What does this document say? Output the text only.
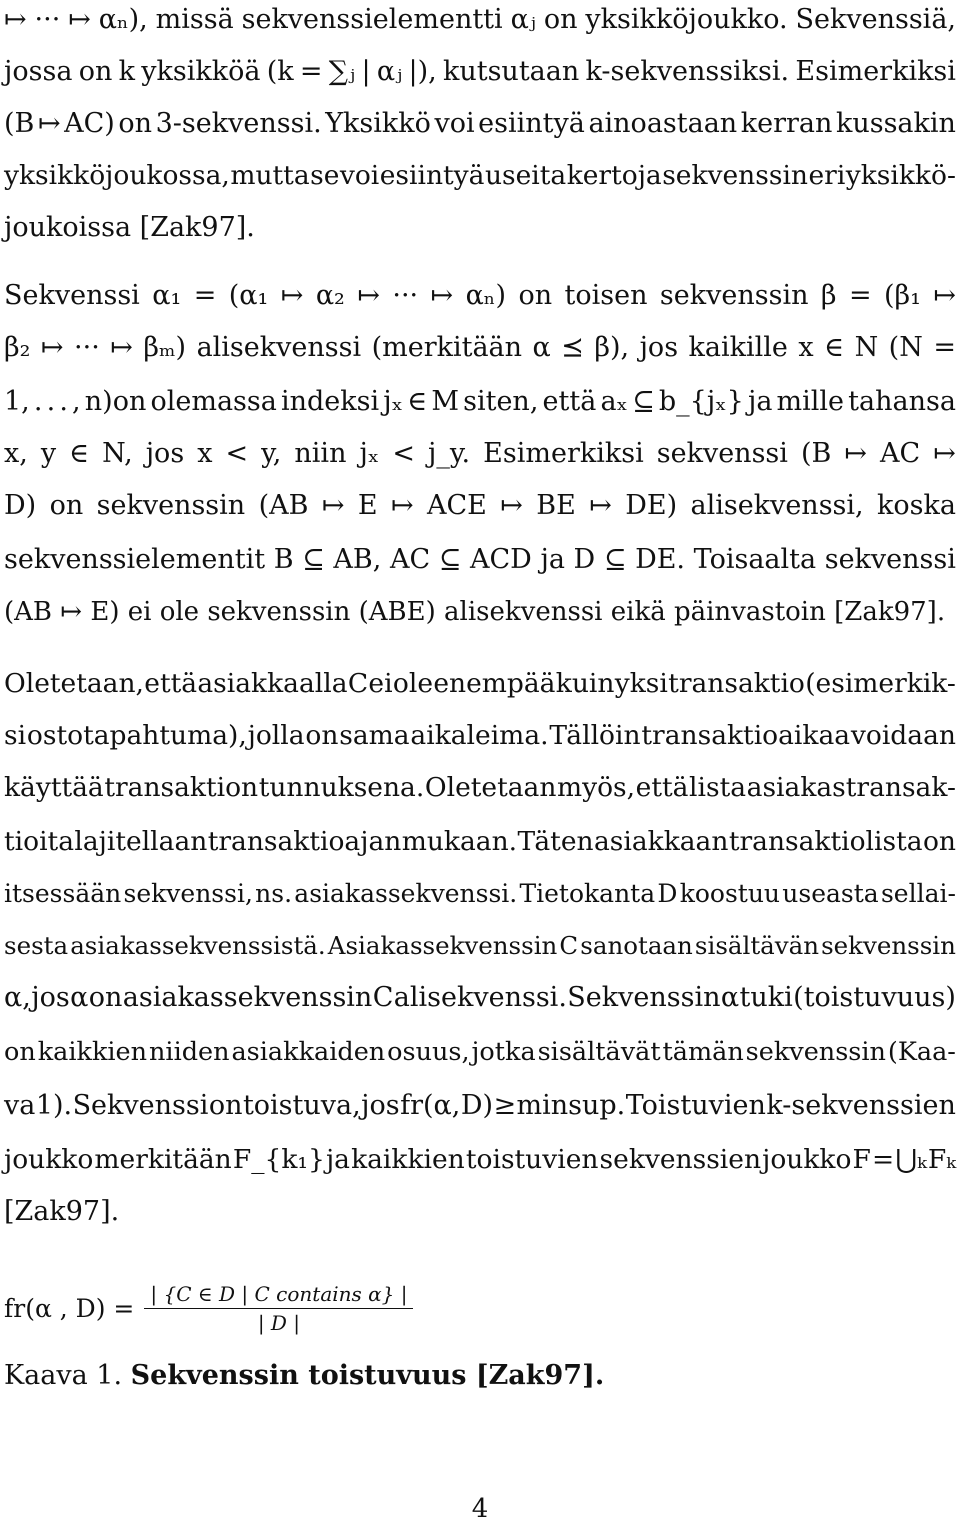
↦ ··· ↦ αₙ), missä sekvenssielementti αⱼ on yksikköjoukko. Sekvenssiä,
jossa on k yksikköä (k = ∑ⱼ | αⱼ |), kutsutaan k-sekvenssiksi. Esimerkiksi
(B ↦ AC) on 3-sekvenssi. Yksikkö voi esiintyä ainoastaan kerran kussakin
yksikköjoukossa, mutta se voi esiintyä useita kertoja sekvenssin eri yksikkö-
joukoissa [Zak97].
Sekvenssi α₁ = (α₁ ↦ α₂ ↦ ··· ↦ αₙ) on toisen sekvenssin β = (β₁ ↦
β₂ ↦ ··· ↦ βₘ) alisekvenssi (merkitään α ⪯ β), jos kaikille x ∈ N (N =
1, . . . , n)on olemassa indeksi jₓ ∈ M siten, että aₓ ⊆ b_{jₓ} ja mille tahansa
x, y ∈ N, jos x < y, niin jₓ < j_y. Esimerkiksi sekvenssi (B ↦ AC ↦
D) on sekvenssin (AB ↦ E ↦ ACE ↦ BE ↦ DE) alisekvenssi, koska
sekvenssielementit B ⊆ AB, AC ⊆ ACD ja D ⊆ DE. Toisaalta sekvenssi
(AB ↦ E) ei ole sekvenssin (ABE) alisekvenssi eikä päinvastoin [Zak97].
Oletetaan, että asiakkaalla C ei ole enempää kuin yksi transaktio (esimerkik-
si ostotapahtuma), jolla on sama aikaleima. Tällöin transaktioaikaa voidaan
käyttää transaktion tunnuksena. Oletetaan myös, että lista asiakastransak-
tioita lajitellaan transaktioajan mukaan. Täten asiakkaan transaktiolista on
itsessään sekvenssi, ns. asiakassekvenssi. Tietokanta D koostuu useasta sellai-
sesta asiakassekvenssistä. Asiakassekvenssin C sanotaan sisältävän sekvenssin
α, jos α on asiakassekvenssin C alisekvenssi. Sekvenssin α tuki (toistuvuus)
on kaikkien niiden asiakkaiden osuus, jotka sisältävät tämän sekvenssin (Kaa-
va 1). Sekvenssi on toistuva, jos fr(α, D) ≥ minsup. Toistuvien k-sekvenssien
joukko merkitään F_{k₁} ja kaikkien toistuvien sekvenssien joukko F = ⋃ₖ Fₖ
[Zak97].
fr(α , $D) = \frac{\text{| \{C ∈ D | C contains α\} |}}{| D |}$
Kaava 1. Sekvenssin toistuvuus [Zak97].
4
